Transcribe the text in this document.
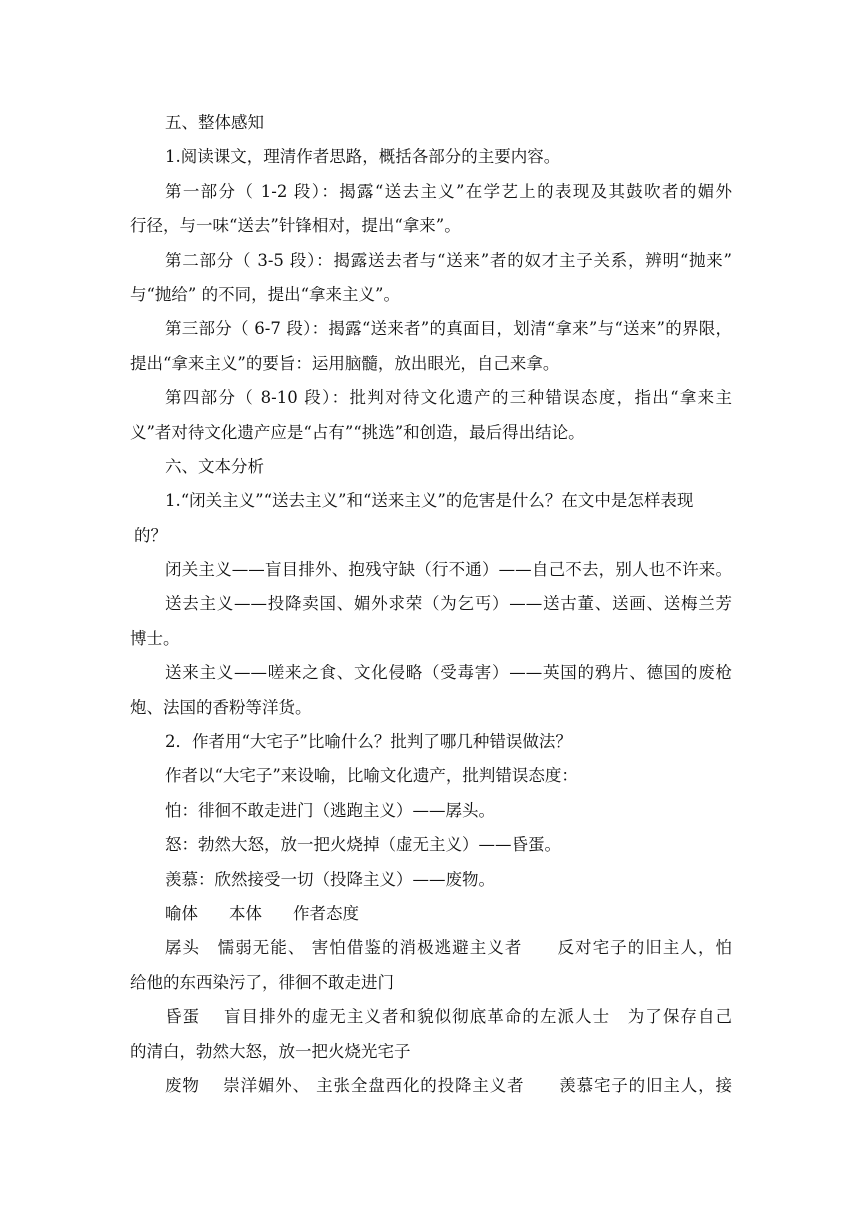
五、整体感知
1.阅读课文，理清作者思路，概括各部分的主要内容。
第一部分（ 1-2 段）：揭露“送去主义”在学艺上的表现及其鼓吹者的媚外
行径，与一味“送去”针锋相对，提出“拿来”。
第二部分（ 3-5 段）：揭露送去者与“送来”者的奴才主子关系，辨明“抛来”
与“抛给” 的不同，提出“拿来主义”。
第三部分（ 6-7 段）：揭露“送来者”的真面目，划清“拿来”与“送来”的界限，
提出“拿来主义”的要旨：运用脑髓，放出眼光，自己来拿。
第四部分（ 8-10 段）：批判对待文化遗产的三种错误态度，指出“拿来主
义”者对待文化遗产应是“占有”“挑选”和创造，最后得出结论。
六、文本分析
1.“闭关主义”“送去主义”和“送来主义”的危害是什么？在文中是怎样表现
的？
闭关主义——盲目排外、抱残守缺（行不通）——自己不去，别人也不许来。
送去主义——投降卖国、媚外求荣（为乞丐）——送古董、送画、送梅兰芳
博士。
送来主义——嗟来之食、文化侵略（受毒害）——英国的鸦片、德国的废枪
炮、法国的香粉等洋货。
2．作者用“大宅子”比喻什么？批判了哪几种错误做法？
作者以“大宅子”来设喻，比喻文化遗产，批判错误态度：
怕：徘徊不敢走进门（逃跑主义）——孱头。
怒：勃然大怒，放一把火烧掉（虚无主义）——昏蛋。
羡慕：欣然接受一切（投降主义）——废物。
喻体 本体 作者态度
孱头　懦弱无能、 害怕借鉴的消极逃避主义者　　反对宅子的旧主人，怕
给他的东西染污了，徘徊不敢走进门
昏蛋　 盲目排外的虚无主义者和貌似彻底革命的左派人士　为了保存自己
的清白，勃然大怒，放一把火烧光宅子
废物　 崇洋媚外、 主张全盘西化的投降主义者　　羡慕宅子的旧主人，接
